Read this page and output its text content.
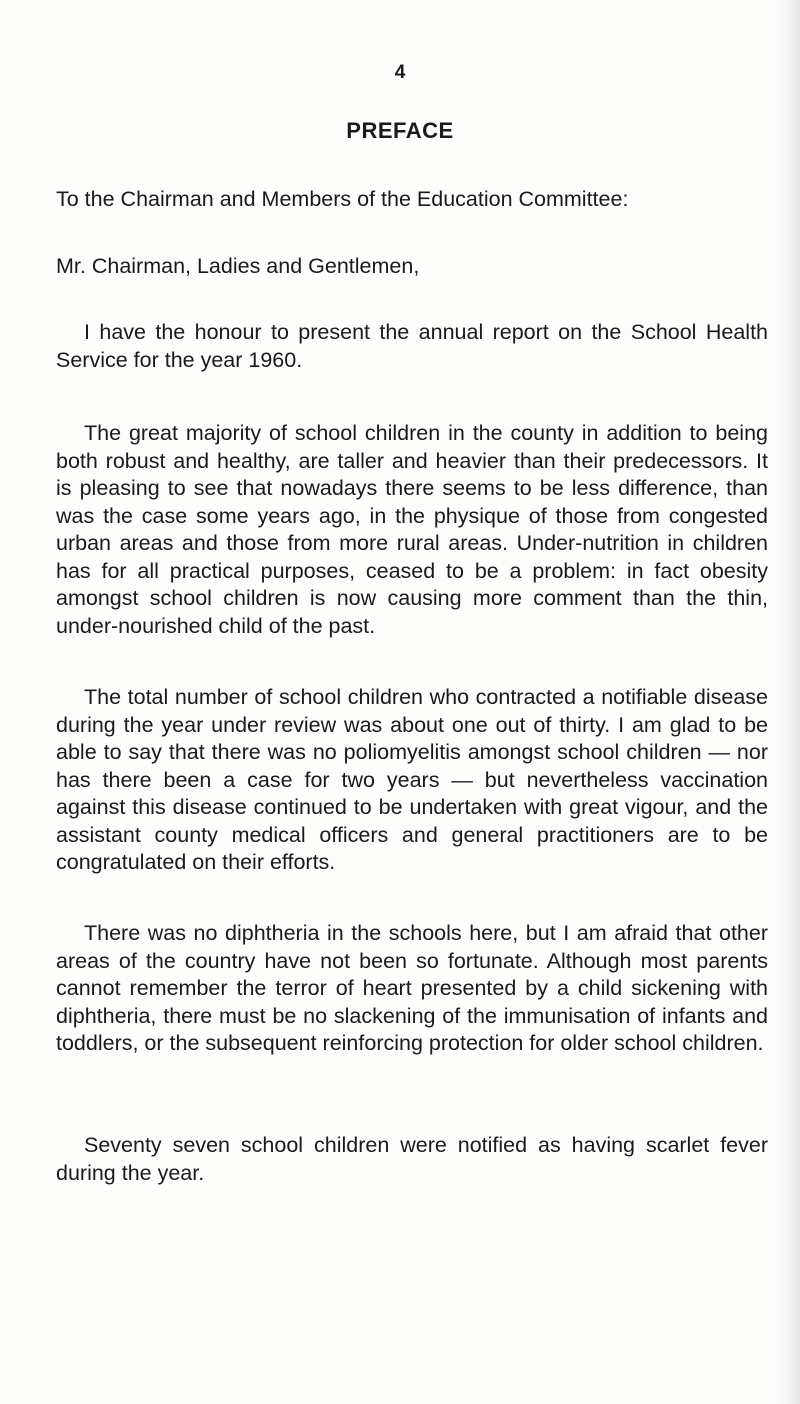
4

PREFACE

To the Chairman and Members of the Education Committee:

Mr. Chairman, Ladies and Gentlemen,

I have the honour to present the annual report on the School Health Service for the year 1960.

The great majority of school children in the county in addition to being both robust and healthy, are taller and heavier than their predecessors. It is pleasing to see that nowadays there seems to be less difference, than was the case some years ago, in the physique of those from congested urban areas and those from more rural areas. Under-nutrition in children has for all practical purposes, ceased to be a problem: in fact obesity amongst school children is now causing more comment than the thin, under-nourished child of the past.

The total number of school children who contracted a notifiable disease during the year under review was about one out of thirty. I am glad to be able to say that there was no poliomyelitis amongst school children — nor has there been a case for two years — but nevertheless vaccination against this disease continued to be undertaken with great vigour, and the assistant county medical officers and general practitioners are to be congratulated on their efforts.

There was no diphtheria in the schools here, but I am afraid that other areas of the country have not been so fortunate. Although most parents cannot remember the terror of heart presented by a child sickening with diphtheria, there must be no slackening of the immunisation of infants and toddlers, or the subsequent reinforcing protection for older school children.

Seventy seven school children were notified as having scarlet fever during the year.
